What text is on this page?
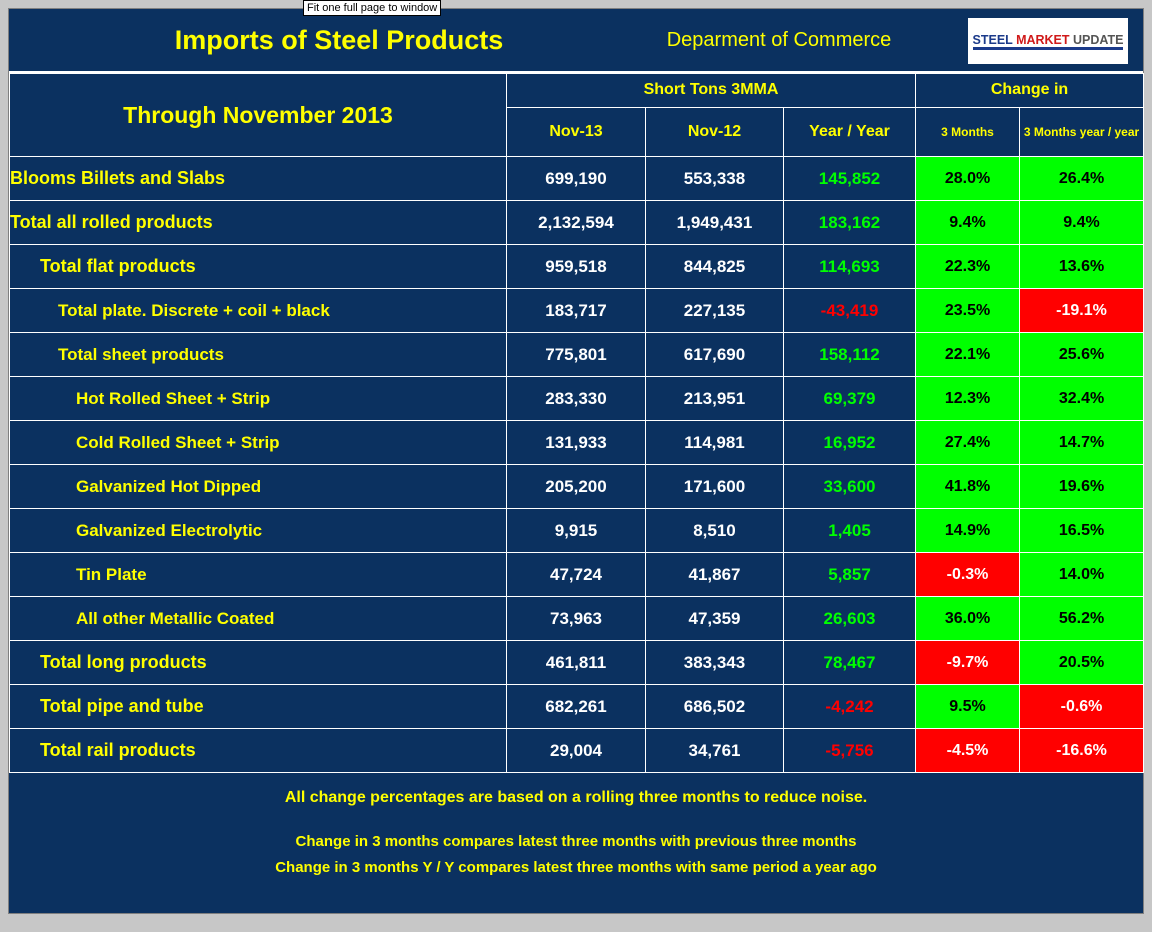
Fit one full page to window
Imports of Steel Products	Deparment of Commerce	STEEL MARKET UPDATE
Through November 2013	Short Tons 3MMA			Change in	
	Nov-13	Nov-12	Year / Year	3 Months	3 Months year / year
Blooms Billets and Slabs	699,190	553,338	145,852	28.0%	26.4%
Total all rolled products	2,132,594	1,949,431	183,162	9.4%	9.4%
Total flat products	959,518	844,825	114,693	22.3%	13.6%
Total plate. Discrete + coil + black	183,717	227,135	-43,419	23.5%	-19.1%
Total sheet products	775,801	617,690	158,112	22.1%	25.6%
Hot Rolled Sheet + Strip	283,330	213,951	69,379	12.3%	32.4%
Cold Rolled Sheet + Strip	131,933	114,981	16,952	27.4%	14.7%
Galvanized Hot Dipped	205,200	171,600	33,600	41.8%	19.6%
Galvanized Electrolytic	9,915	8,510	1,405	14.9%	16.5%
Tin Plate	47,724	41,867	5,857	-0.3%	14.0%
All other Metallic Coated	73,963	47,359	26,603	36.0%	56.2%
Total long products	461,811	383,343	78,467	-9.7%	20.5%
Total pipe and tube	682,261	686,502	-4,242	9.5%	-0.6%
Total rail products	29,004	34,761	-5,756	-4.5%	-16.6%
All change percentages are based on a rolling three months to reduce noise.
Change in 3 months compares latest three months with previous three months
Change in 3 months Y / Y compares latest three months with same period a year ago
